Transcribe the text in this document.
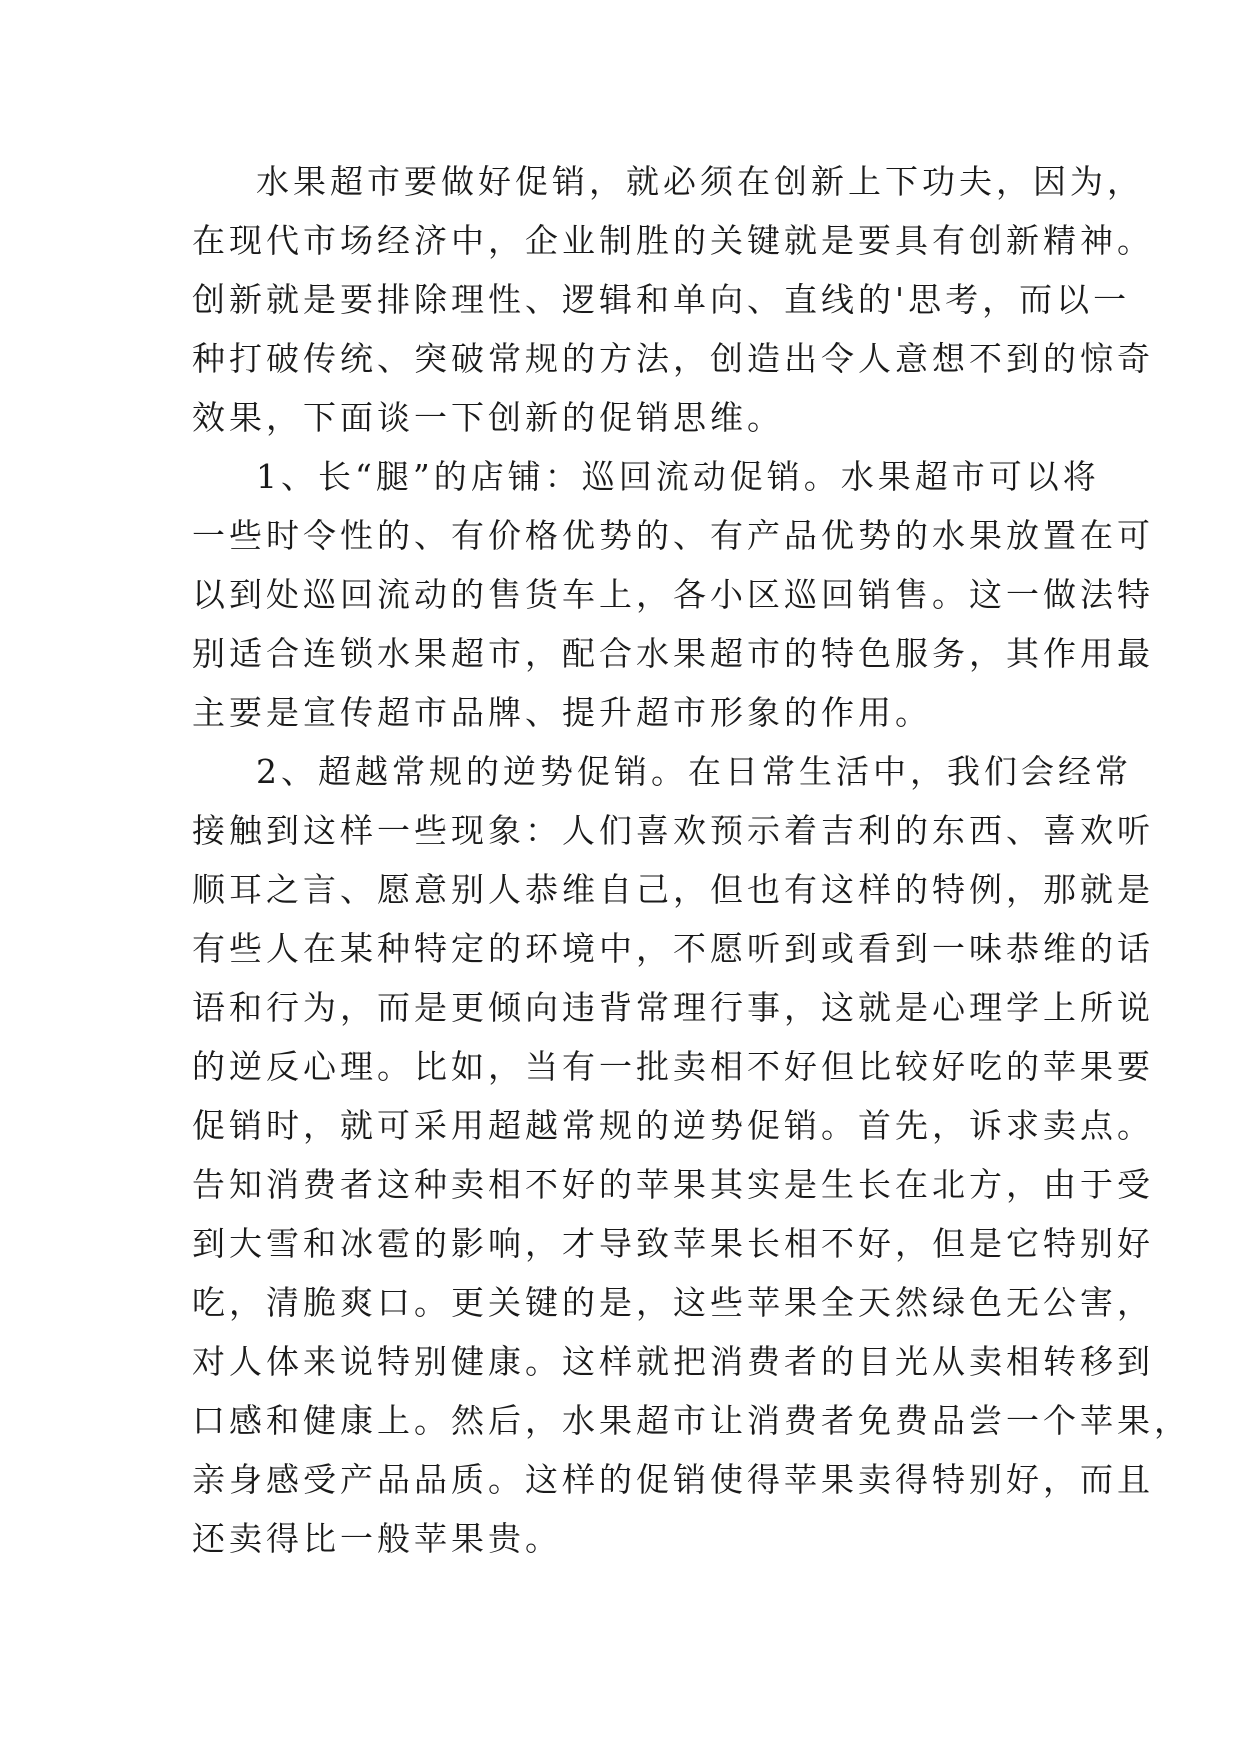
水果超市要做好促销，就必须在创新上下功夫，因为，
在现代市场经济中，企业制胜的关键就是要具有创新精神。
创新就是要排除理性、逻辑和单向、直线的'思考，而以一
种打破传统、突破常规的方法，创造出令人意想不到的惊奇
效果，下面谈一下创新的促销思维。
1、长“腿”的店铺：巡回流动促销。水果超市可以将
一些时令性的、有价格优势的、有产品优势的水果放置在可
以到处巡回流动的售货车上，各小区巡回销售。这一做法特
别适合连锁水果超市，配合水果超市的特色服务，其作用最
主要是宣传超市品牌、提升超市形象的作用。
2、超越常规的逆势促销。在日常生活中，我们会经常
接触到这样一些现象：人们喜欢预示着吉利的东西、喜欢听
顺耳之言、愿意别人恭维自己，但也有这样的特例，那就是
有些人在某种特定的环境中，不愿听到或看到一味恭维的话
语和行为，而是更倾向违背常理行事，这就是心理学上所说
的逆反心理。比如，当有一批卖相不好但比较好吃的苹果要
促销时，就可采用超越常规的逆势促销。首先，诉求卖点。
告知消费者这种卖相不好的苹果其实是生长在北方，由于受
到大雪和冰雹的影响，才导致苹果长相不好，但是它特别好
吃，清脆爽口。更关键的是，这些苹果全天然绿色无公害，
对人体来说特别健康。这样就把消费者的目光从卖相转移到
口感和健康上。然后，水果超市让消费者免费品尝一个苹果，
亲身感受产品品质。这样的促销使得苹果卖得特别好，而且
还卖得比一般苹果贵。
